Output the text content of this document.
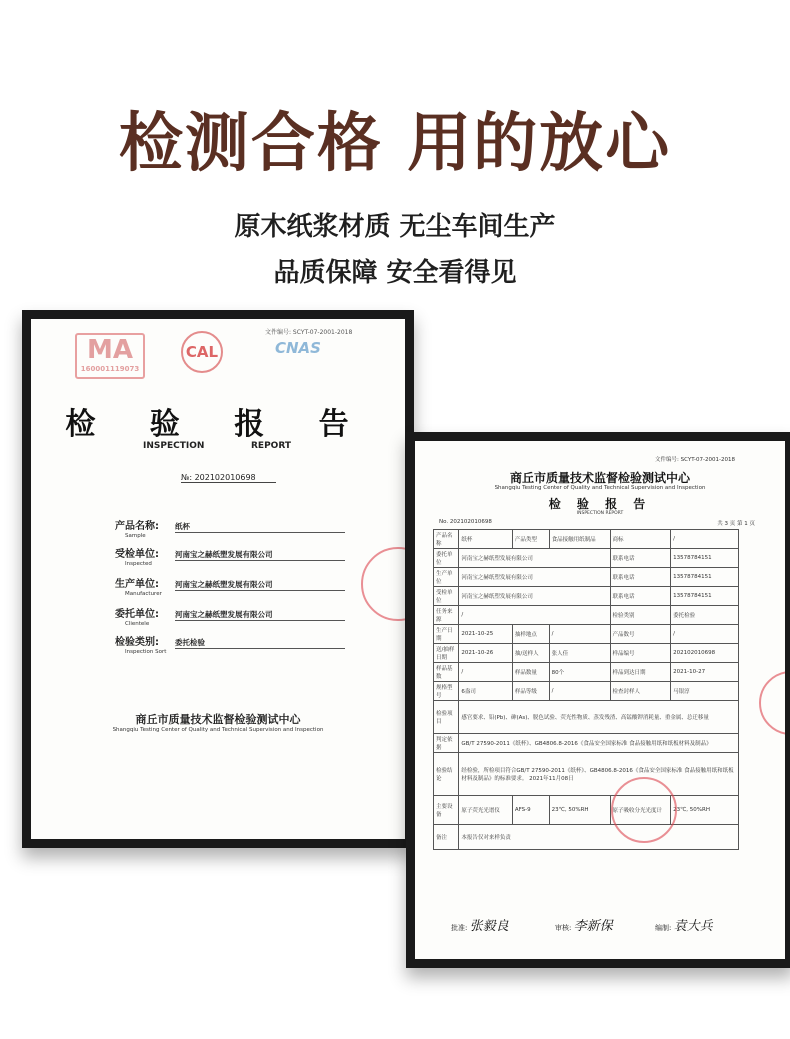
检测合格 用的放心
原木纸浆材质 无尘车间生产
品质保障 安全看得见
MA
160001119073
CAL
文件编号: SCYT-07-2001-2018
CNAS
检 验 报 告
INSPECTION	REPORT
№: 2021020106​98
产品名称: 纸杯
Sample
受检单位: 河南宝之赫纸塑发展有限公司
Inspected
生产单位: 河南宝之赫纸塑发展有限公司
Manufacturer
委托单位: 河南宝之赫纸塑发展有限公司
Clientele
检验类别: 委托检验
Inspection Sort
商丘市质量技术监督检验测试中心
Shangqiu Testing Center of Quality and Technical Supervision and Inspection
文件编号: SCYT-07-2001-2018
商丘市质量技术监督检验测试中心
Shangqiu Testing Center of Quality and Technical Supervision and Inspection
检 验 报 告
INSPECTION REPORT
No. 2021020106​98	共 3 页 第 1 页
产品名称	纸杯	产品类型	食品接触用纸制品	商标	/
委托单位	河南宝之赫纸塑发展有限公司			联系电话	13578784151
生产单位	河南宝之赫纸塑发展有限公司			联系电话	13578784151
受检单位	河南宝之赫纸塑发展有限公司			联系电话	13578784151
任务来源	/			检验类别	委托检验
生产日期	2021-10-25	抽样地点	/	产品数号	/
送/抽样日期	2021-10-26	抽/送样人	张人佳	样品编号	202102010698
样品基数	/	样品数量	80个	样品到达日期	2021-10-27
规格型号	6盎司	样品等级	/	检查封样人	马银淳
检验项目	感官要求、铅(Pb)、砷(As)、脱色试验、荧光性物质、蒸发残渣、高锰酸钾消耗量、重金属、总迁移量				
判定依据	GB/T 27590-2011《纸杯》、GB4806.8-2016《食品安全国家标准 食品接触用纸和纸板材料及制品》				
检验结论	经检验，所检项目符合GB/T 27590-2011《纸杯》、GB4806.8-2016《食品安全国家标准 食品接触用纸和纸板材料及制品》的标准要求。 2021年11月08日				
主要设备	原子荧光光谱仪	AFS-9	23℃, 50%RH	原子吸收分光光度计	23℃, 50%RH
备注	本报告仅对来样负责				
批准: 张毅良	审核: 李新保	编制: 袁大兵
